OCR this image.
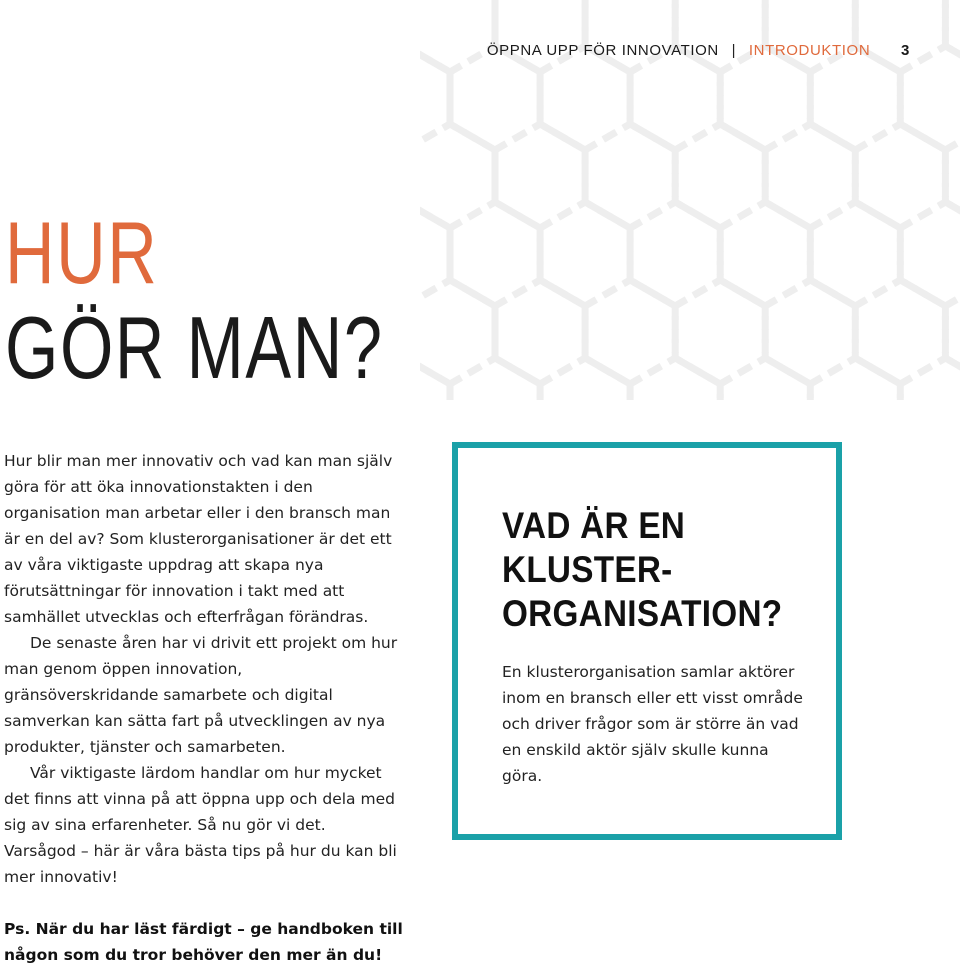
ÖPPNA UPP FÖR INNOVATION | INTRODUKTION 3
HUR
GÖR MAN?

Hur blir man mer innovativ och vad kan man själv göra för att öka innovationstakten i den organisation man arbetar eller i den bransch man är en del av? Som klusterorganisationer är det ett av våra viktigaste uppdrag att skapa nya förutsättningar för innovation i takt med att samhället utvecklas och efterfrågan förändras.

De senaste åren har vi drivit ett projekt om hur man genom öppen innovation, gränsöverskridande samarbete och digital samverkan kan sätta fart på utvecklingen av nya produkter, tjänster och samarbeten.

Vår viktigaste lärdom handlar om hur mycket det finns att vinna på att öppna upp och dela med sig av sina erfarenheter. Så nu gör vi det. Varsågod – här är våra bästa tips på hur du kan bli mer innovativ!

Ps. När du har läst färdigt – ge handboken till någon som du tror behöver den mer än du!

VAD ÄR EN
KLUSTER-
ORGANISATION?

En klusterorganisation samlar aktörer inom en bransch eller ett visst område och driver frågor som är större än vad en enskild aktör själv skulle kunna göra.
